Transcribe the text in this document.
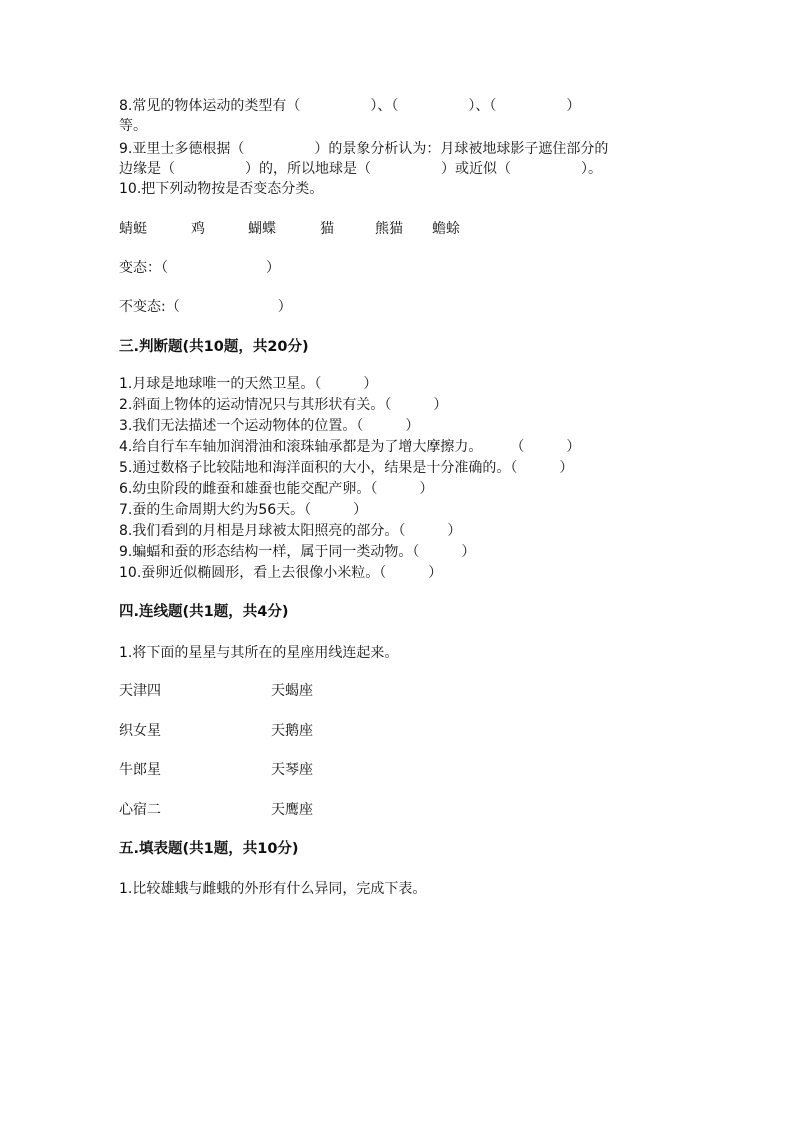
8.常见的物体运动的类型有（　　　　　）、（　　　　　）、（　　　　　）
等。
9.亚里士多德根据（　　　　　）的景象分析认为：月球被地球影子遮住部分的
边缘是（　　　　　）的，所以地球是（　　　　　）或近似（　　　　　）。
10.把下列动物按是否变态分类。
蜻蜓	鸡	蝴蝶	猫	熊猫 蟾蜍
变态：（　　　　　　　）
不变态:（　　　　　　　）
三.判断题(共10题，共20分)
1.月球是地球唯一的天然卫星。（　　　）
2.斜面上物体的运动情况只与其形状有关。（　　　）
3.我们无法描述一个运动物体的位置。（　　　）
4.给自行车车轴加润滑油和滚珠轴承都是为了增大摩擦力。　　　（　　　）
5.通过数格子比较陆地和海洋面积的大小，结果是十分准确的。（　　　）
6.幼虫阶段的雌蚕和雄蚕也能交配产卵。（　　　）
7.蚕的生命周期大约为56天。（　　　）
8.我们看到的月相是月球被太阳照亮的部分。（　　　）
9.蝙蝠和蚕的形态结构一样，属于同一类动物。（　　　）
10.蚕卵近似椭圆形，看上去很像小米粒。（　　　）
四.连线题(共1题，共4分)
1.将下面的星星与其所在的星座用线连起来。
天津四	天蝎座
织女星	天鹅座
牛郎星	天琴座
心宿二	天鹰座
五.填表题(共1题，共10分)
1.比较雄蛾与雌蛾的外形有什么异同，完成下表。
